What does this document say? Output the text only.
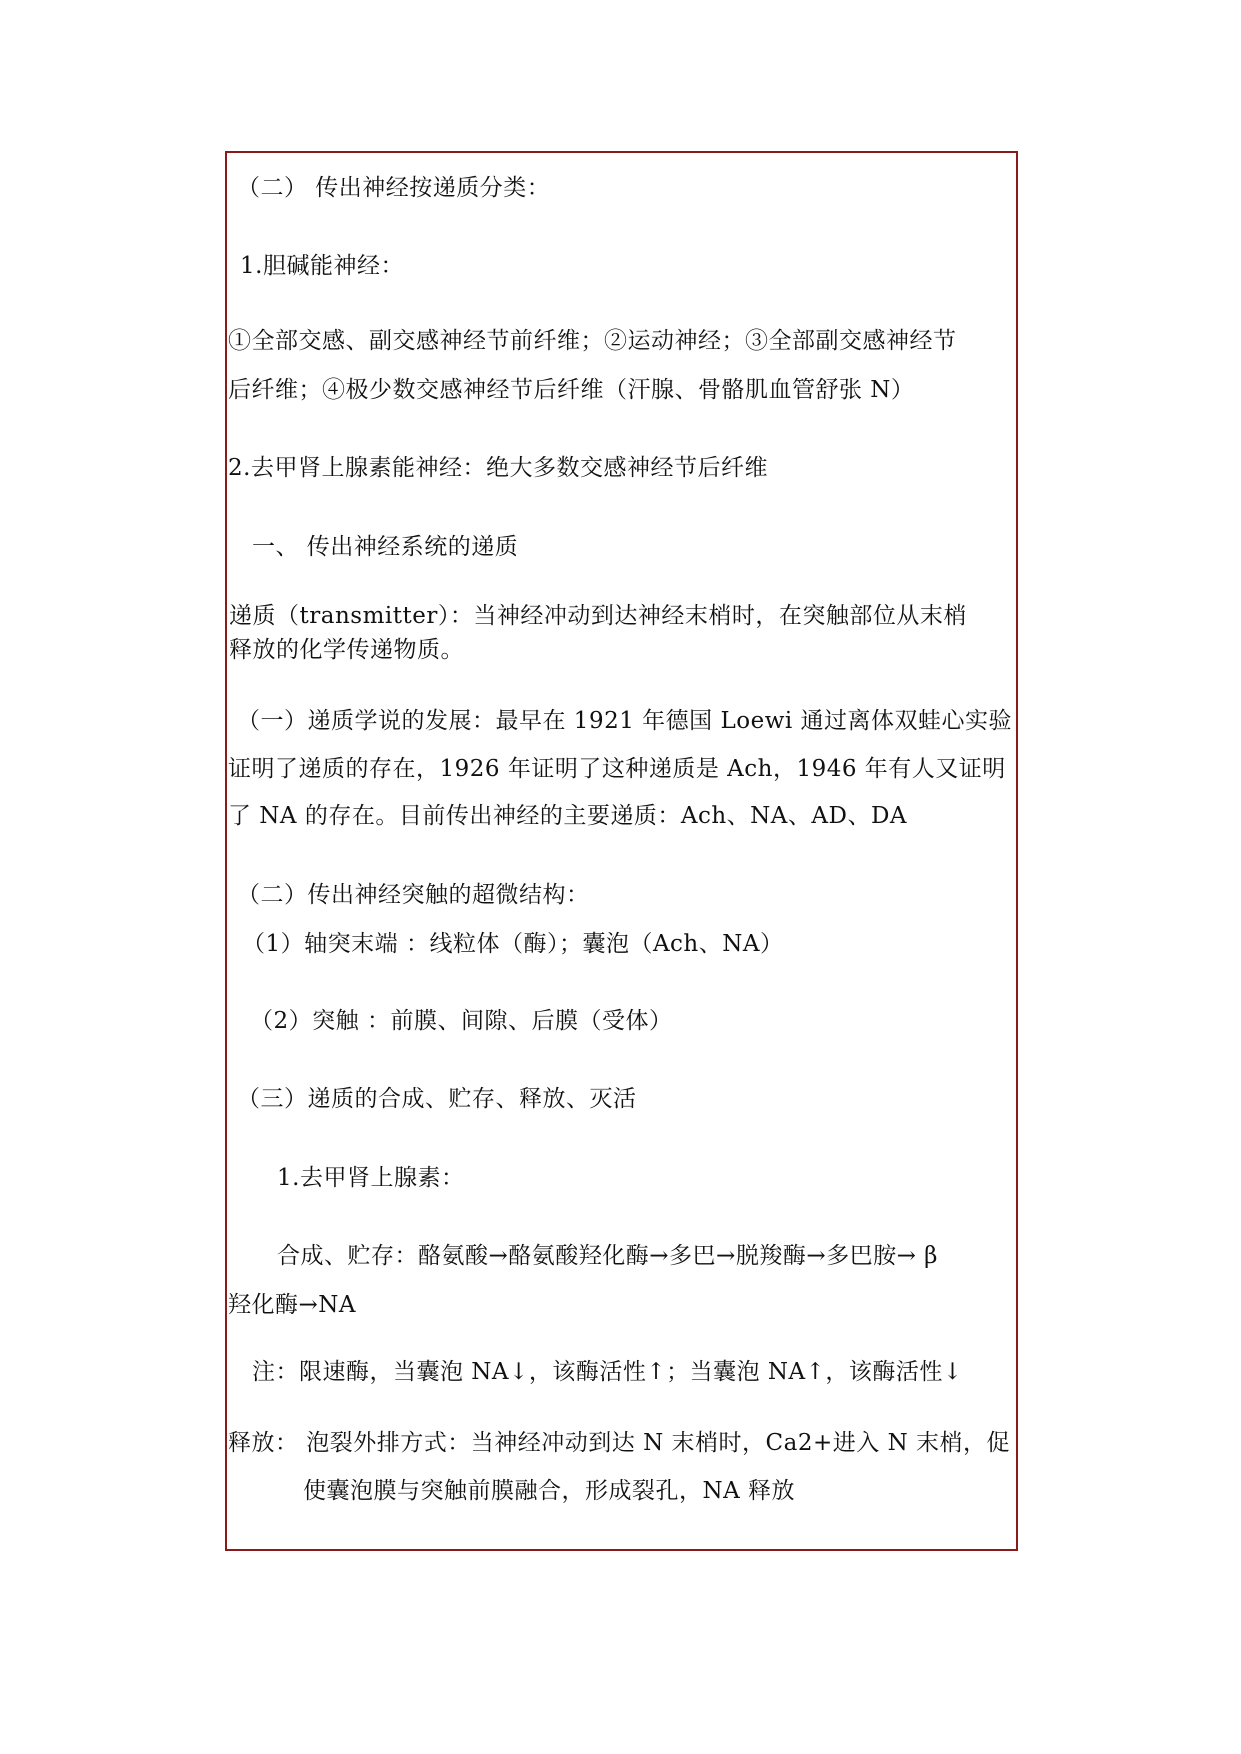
（二） 传出神经按递质分类：
1.胆碱能神经：
①全部交感、副交感神经节前纤维；②运动神经；③全部副交感神经节
后纤维；④极少数交感神经节后纤维（汗腺、骨骼肌血管舒张 N）
2.去甲肾上腺素能神经：绝大多数交感神经节后纤维
一、 传出神经系统的递质
递质（transmitter）：当神经冲动到达神经末梢时，在突触部位从末梢
释放的化学传递物质。
（一）递质学说的发展：最早在 1921 年德国 Loewi 通过离体双蛙心实验
证明了递质的存在，1926 年证明了这种递质是 Ach，1946 年有人又证明
了 NA 的存在。目前传出神经的主要递质：Ach、NA、AD、DA
（二）传出神经突触的超微结构：
（1）轴突末端 ：线粒体（酶）；囊泡（Ach、NA）
（2）突触 ：前膜、间隙、后膜（受体）
（三）递质的合成、贮存、释放、灭活
1.去甲肾上腺素：
合成、贮存：酪氨酸→酪氨酸羟化酶→多巴→脱羧酶→多巴胺→ β
羟化酶→NA
注：限速酶，当囊泡 NA↓，该酶活性↑；当囊泡 NA↑，该酶活性↓
释放： 泡裂外排方式：当神经冲动到达 N 末梢时，Ca2+进入 N 末梢，促
使囊泡膜与突触前膜融合，形成裂孔，NA 释放
